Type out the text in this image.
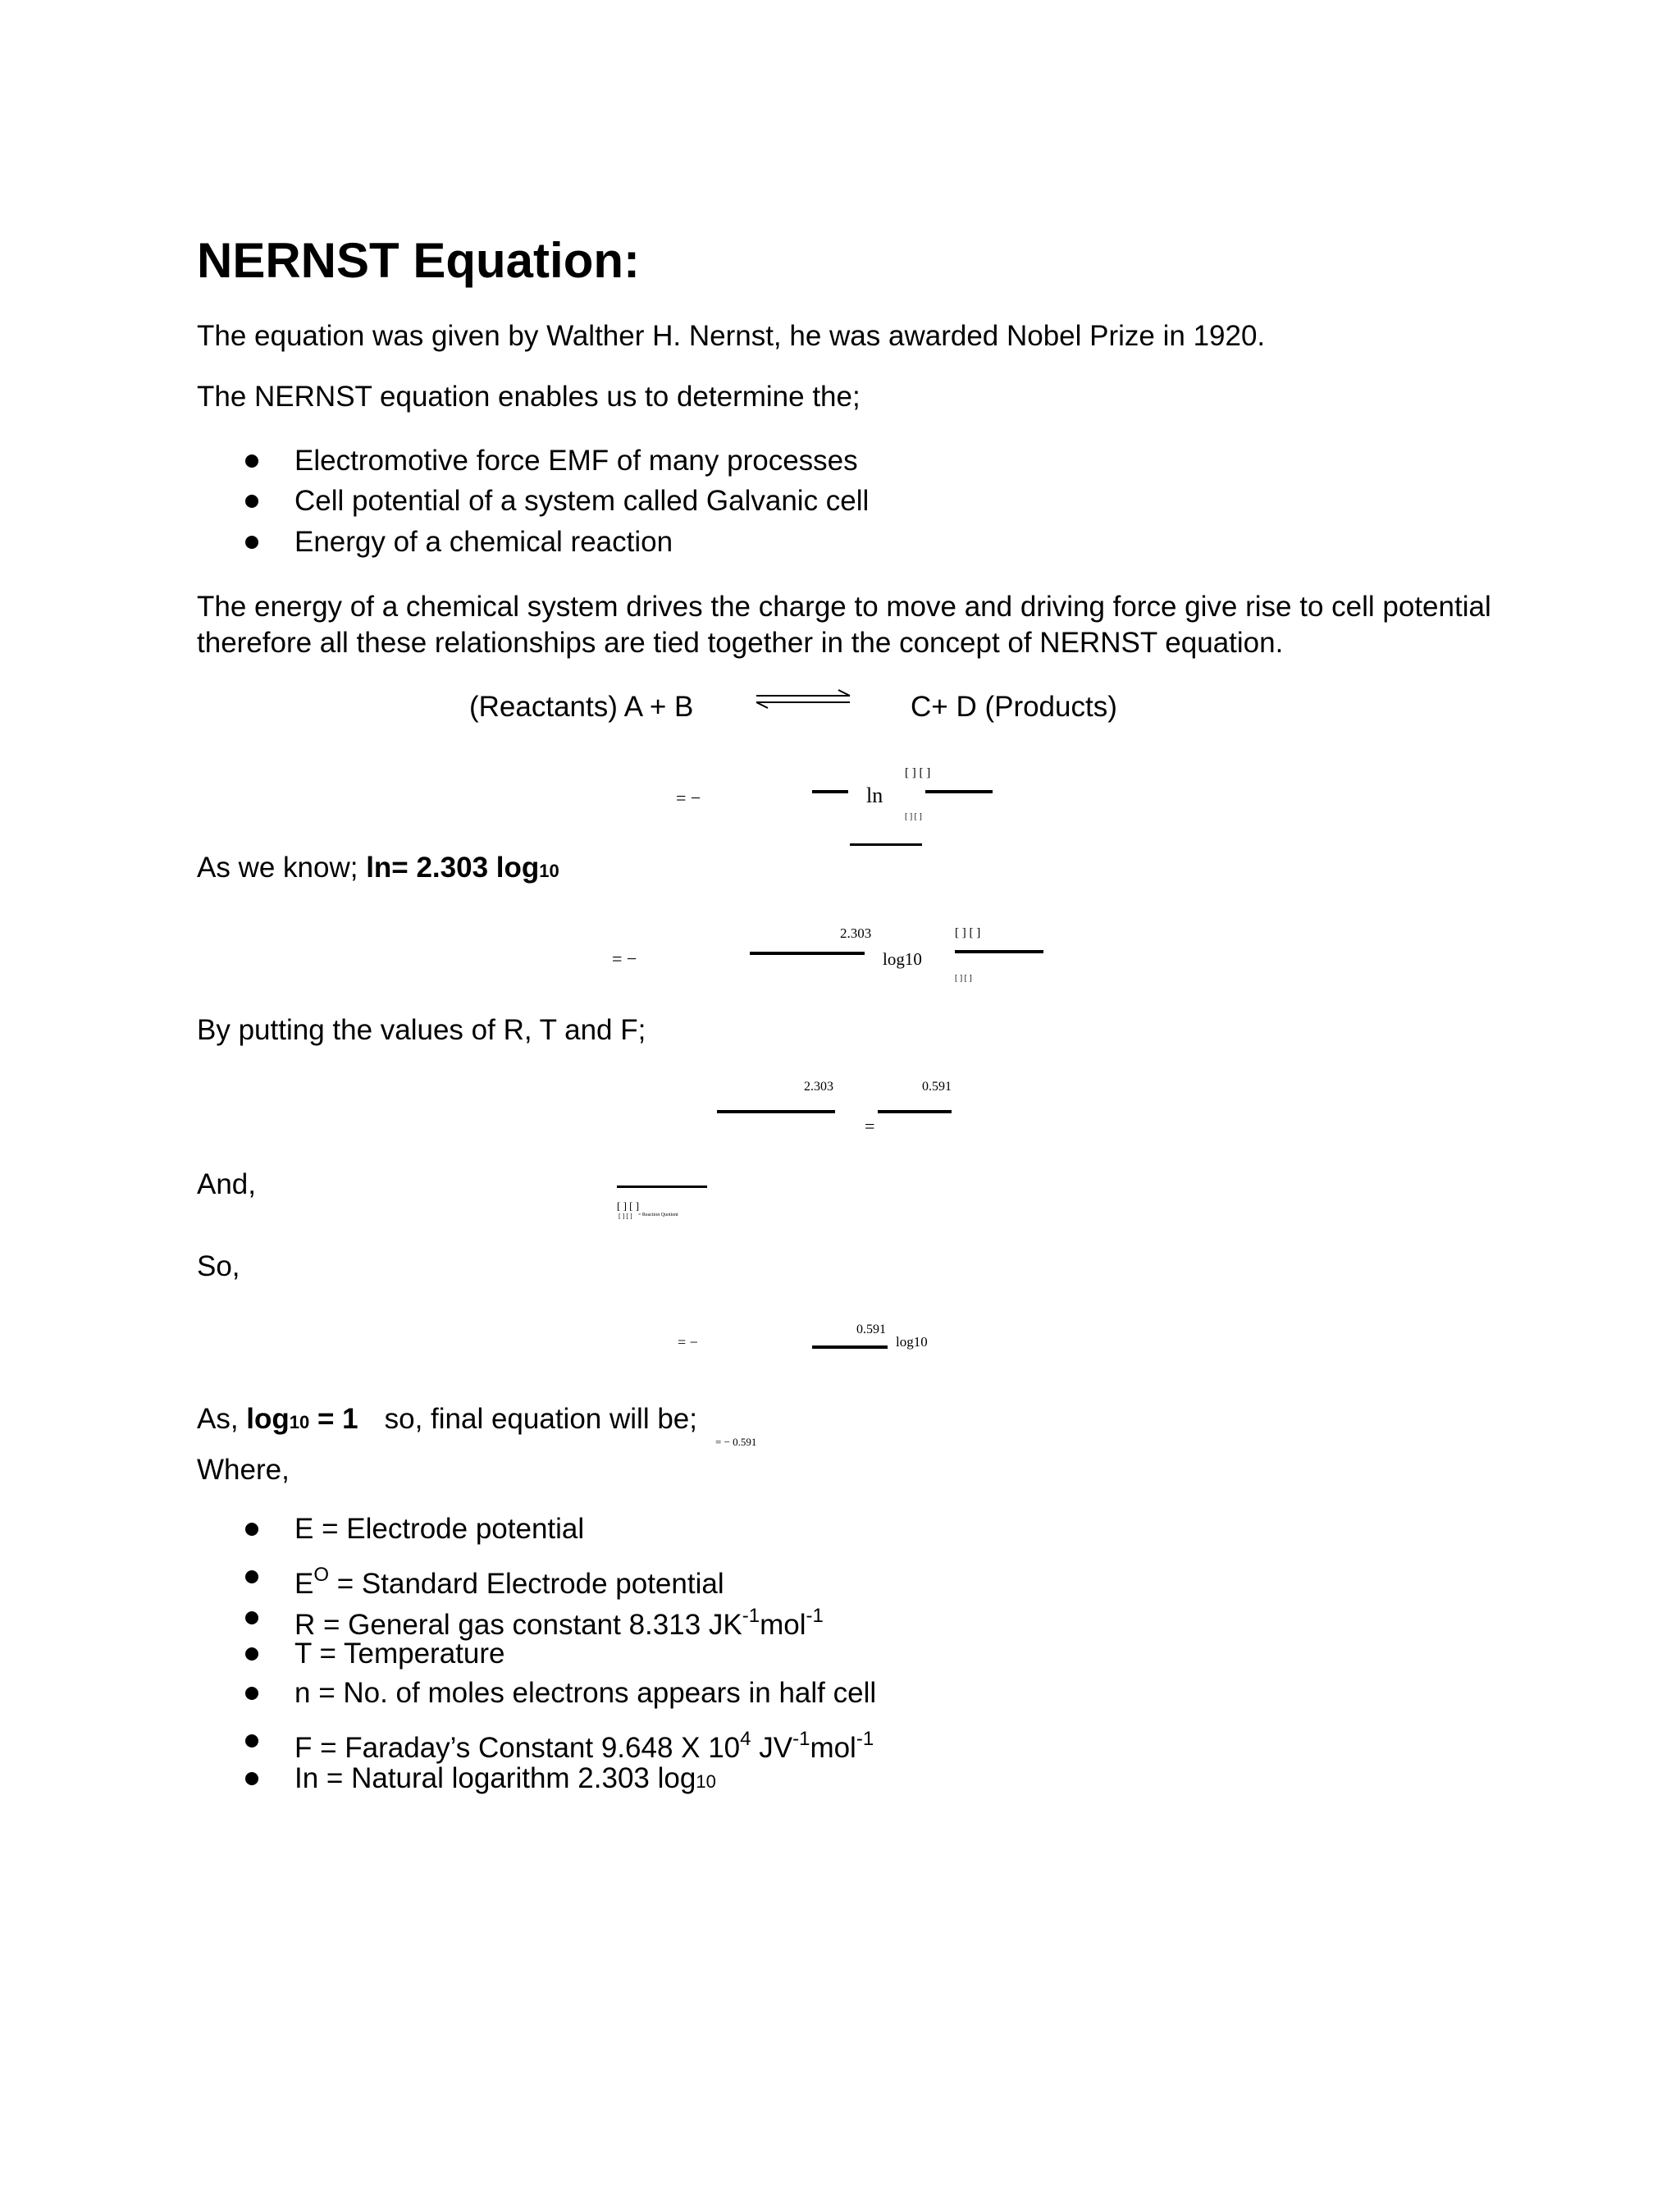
NERNST Equation:
The equation was given by Walther H. Nernst, he was awarded Nobel Prize in 1920.
The NERNST equation enables us to determine the;
Electromotive force EMF of many processes
Cell potential of a system called Galvanic cell
Energy of a chemical reaction
The energy of a chemical system drives the charge to move and driving force give rise to cell potential
therefore all these relationships are tied together in the concept of NERNST equation.
(Reactants) A + B	C+ D (Products)
= −	ln
[ ] [ ]
[ ] [ ]
As we know; ln= 2.303 log10
= −
2.303
log10
[ ] [ ]
[ ] [ ]
By putting the values of R, T and F;
2.303
=
0.591
And,
[ ] [ ]
[ ] [ ] = Reaction Quotient
So,
= −
0.591
log10
As, log10 = 1 so, final equation will be;
= − 0.591
Where,
E = Electrode potential
$E^O$ = Standard Electrode potential
R = General gas constant 8.313 $JK^{-1}mol^{-1}$
T = Temperature
n = No. of moles electrons appears in half cell
F = Faraday’s Constant 9.648 X $10^4$ $JV^{-1}mol^{-1}$
In = Natural logarithm 2.303 log10
